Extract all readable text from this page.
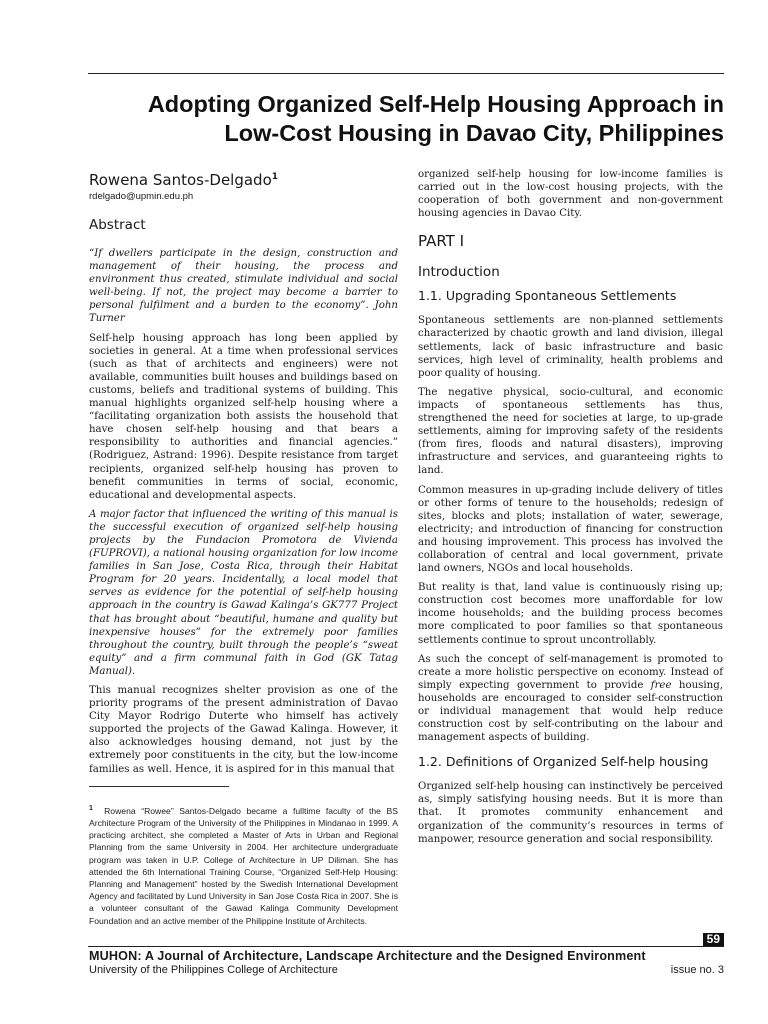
Adopting Organized Self-Help Housing Approach in
Low-Cost Housing in Davao City, Philippines
Rowena Santos-Delgado$^1$
rdelgado@upmin.edu.ph
Abstract

“If dwellers participate in the design, construction and management of their housing, the process and environment thus created, stimulate individual and social well-being. If not, the project may become a barrier to personal fulfilment and a burden to the economy”. John Turner

Self-help housing approach has long been applied by societies in general. At a time when professional services (such as that of architects and engineers) were not available, communities built houses and buildings based on customs, beliefs and traditional systems of building. This manual highlights organized self-help housing where a “facilitating organization both assists the household that have chosen self-help housing and that bears a responsibility to authorities and financial agencies.” (Rodriguez, Astrand: 1996). Despite resistance from target recipients, organized self-help housing has proven to benefit communities in terms of social, economic, educational and developmental aspects.

A major factor that influenced the writing of this manual is the successful execution of organized self-help housing projects by the Fundacion Promotora de Vivienda (FUPROVI), a national housing organization for low income families in San Jose, Costa Rica, through their Habitat Program for 20 years. Incidentally, a local model that serves as evidence for the potential of self-help housing approach in the country is Gawad Kalinga’s GK777 Project that has brought about “beautiful, humane and quality but inexpensive houses” for the extremely poor families throughout the country, built through the people’s “sweat equity” and a firm communal faith in God (GK Tatag Manual).

This manual recognizes shelter provision as one of the priority programs of the present administration of Davao City Mayor Rodrigo Duterte who himself has actively supported the projects of the Gawad Kalinga. However, it also acknowledges housing demand, not just by the extremely poor constituents in the city, but the low-income families as well. Hence, it is aspired for in this manual that

$^1$ Rowena “Rowee” Santos-Delgado became a fulltime faculty of the BS Architecture Program of the University of the Philippines in Mindanao in 1999. A practicing architect, she completed a Master of Arts in Urban and Regional Planning from the same University in 2004. Her architecture undergraduate program was taken in U.P. College of Architecture in UP Diliman. She has attended the 6th International Training Course, “Organized Self-Help Housing: Planning and Management” hosted by the Swedish International Development Agency and facilitated by Lund University in San Jose Costa Rica in 2007. She is a volunteer consultant of the Gawad Kalinga Community Development Foundation and an active member of the Philippine Institute of Architects.

organized self-help housing for low-income families is carried out in the low-cost housing projects, with the cooperation of both government and non-government housing agencies in Davao City.

PART I
Introduction
1.1. Upgrading Spontaneous Settlements

Spontaneous settlements are non-planned settlements characterized by chaotic growth and land division, illegal settlements, lack of basic infrastructure and basic services, high level of criminality, health problems and poor quality of housing.

The negative physical, socio-cultural, and economic impacts of spontaneous settlements has thus, strengthened the need for societies at large, to up-grade settlements, aiming for improving safety of the residents (from fires, floods and natural disasters), improving infrastructure and services, and guaranteeing rights to land.

Common measures in up-grading include delivery of titles or other forms of tenure to the households; redesign of sites, blocks and plots; installation of water, sewerage, electricity; and introduction of financing for construction and housing improvement. This process has involved the collaboration of central and local government, private land owners, NGOs and local households.

But reality is that, land value is continuously rising up; construction cost becomes more unaffordable for low income households; and the building process becomes more complicated to poor families so that spontaneous settlements continue to sprout uncontrollably.

As such the concept of self-management is promoted to create a more holistic perspective on economy. Instead of simply expecting government to provide free housing, households are encouraged to consider self-construction or individual management that would help reduce construction cost by self-contributing on the labour and management aspects of building.

1.2. Definitions of Organized Self-help housing

Organized self-help housing can instinctively be perceived as, simply satisfying housing needs. But it is more than that. It promotes community enhancement and organization of the community’s resources in terms of manpower, resource generation and social responsibility.

59
MUHON: A Journal of Architecture, Landscape Architecture and the Designed Environment
University of the Philippines College of Architecture	issue no. 3
